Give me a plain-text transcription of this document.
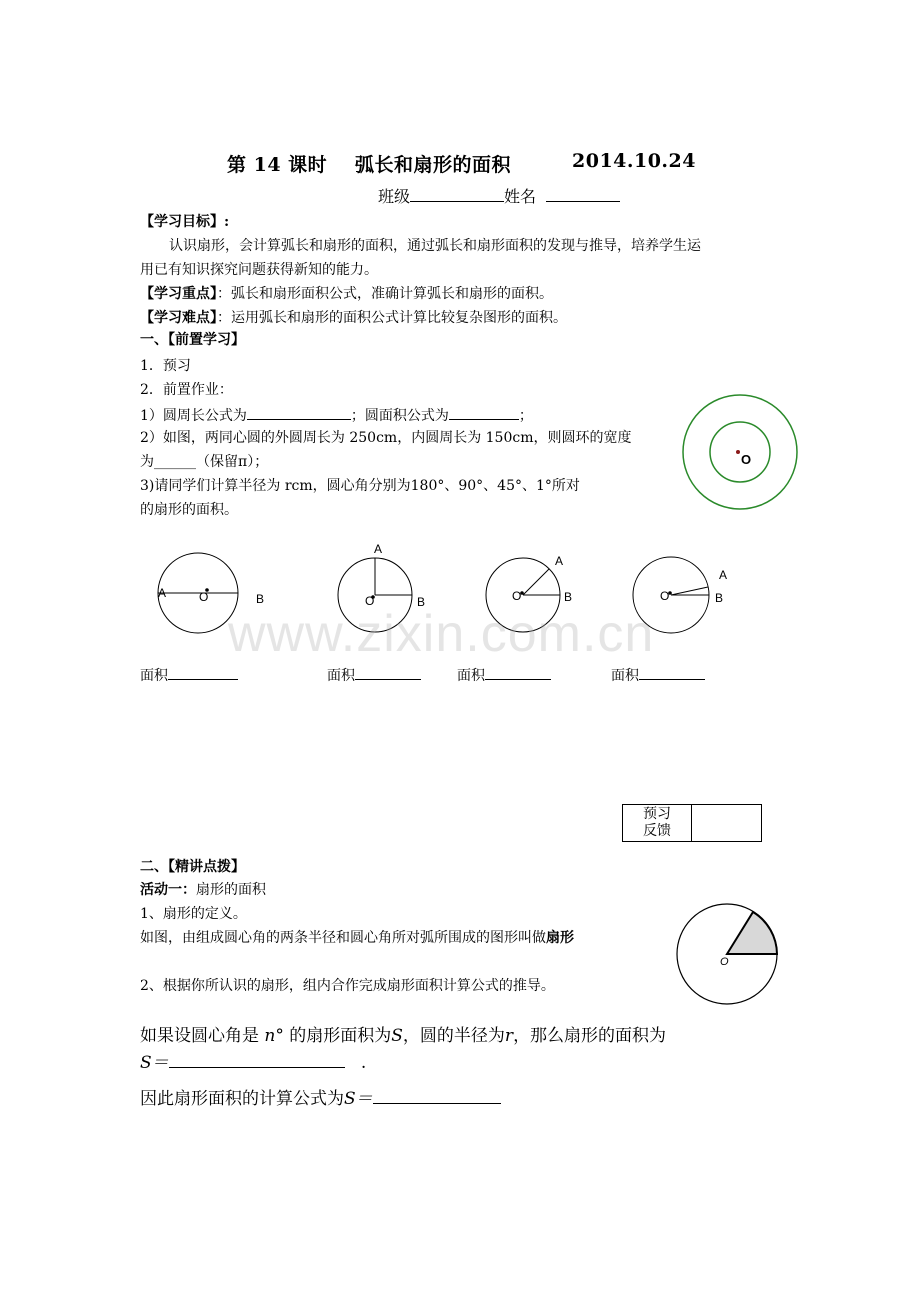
第 14 课时 弧长和扇形的面积	2014.10.24
班级	姓名
【学习目标】:
认识扇形，会计算弧长和扇形的面积，通过弧长和扇形面积的发现与推导，培养学生运
用已有知识探究问题获得新知的能力。
【学习重点】：弧长和扇形面积公式，准确计算弧长和扇形的面积。
【学习难点】：运用弧长和扇形的面积公式计算比较复杂图形的面积。
一、【前置学习】
1．预习
2．前置作业：
1）圆周长公式为	；圆面积公式为	；
2）如图，两同心圆的外圆周长为 250cm，内圆周长为 150cm，则圆环的宽度
为______（保留π）；
3)请同学们计算半径为 rcm，圆心角分别为180°、90°、45°、1°所对
的扇形的面积。
O
A	O	B
A
O	B
A
O	B
A
O	B
www.zixin.com.cn
面积	面积	面积	面积
预习
反馈

二、【精讲点拨】
活动一：扇形的面积
1、扇形的定义。
如图，由组成圆心角的两条半径和圆心角所对弧所围成的图形叫做扇形
2、根据你所认识的扇形，组内合作完成扇形面积计算公式的推导。
O
如果设圆心角是 n° 的扇形面积为S，圆的半径为r，那么扇形的面积为
S＝	.
因此扇形面积的计算公式为S＝
